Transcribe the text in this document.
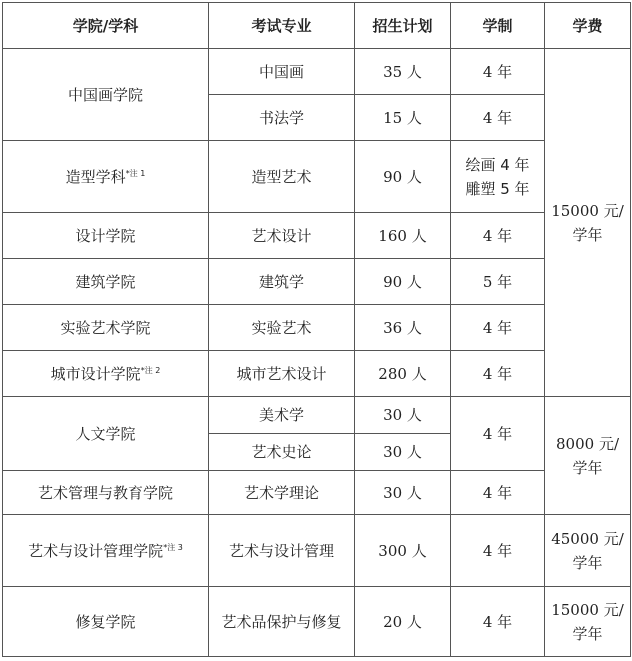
学院/学科	考试专业	招生计划	学制	学费
中国画学院	中国画	35 人	4 年	15000 元/
学年

	书法学	15 人	4 年	
造型学科$^{*注 1}$	造型艺术	90 人	绘画 4 年
雕塑 5 年	

设计学院	艺术设计	160 人	4 年	
建筑学院	建筑学	90 人	5 年	
实验艺术学院	实验艺术	36 人	4 年	
城市设计学院$^{*注 2}$	城市艺术设计	280 人	4 年	
人文学院	美术学	30 人	4 年	8000 元/
学年

	艺术史论	30 人		
艺术管理与教育学院	艺术学理论	30 人	4 年	
艺术与设计管理学院$^{*注 3}$	艺术与设计管理	300 人	4 年	45000 元/
学年

修复学院	艺术品保护与修复	20 人	4 年	15000 元/
学年
